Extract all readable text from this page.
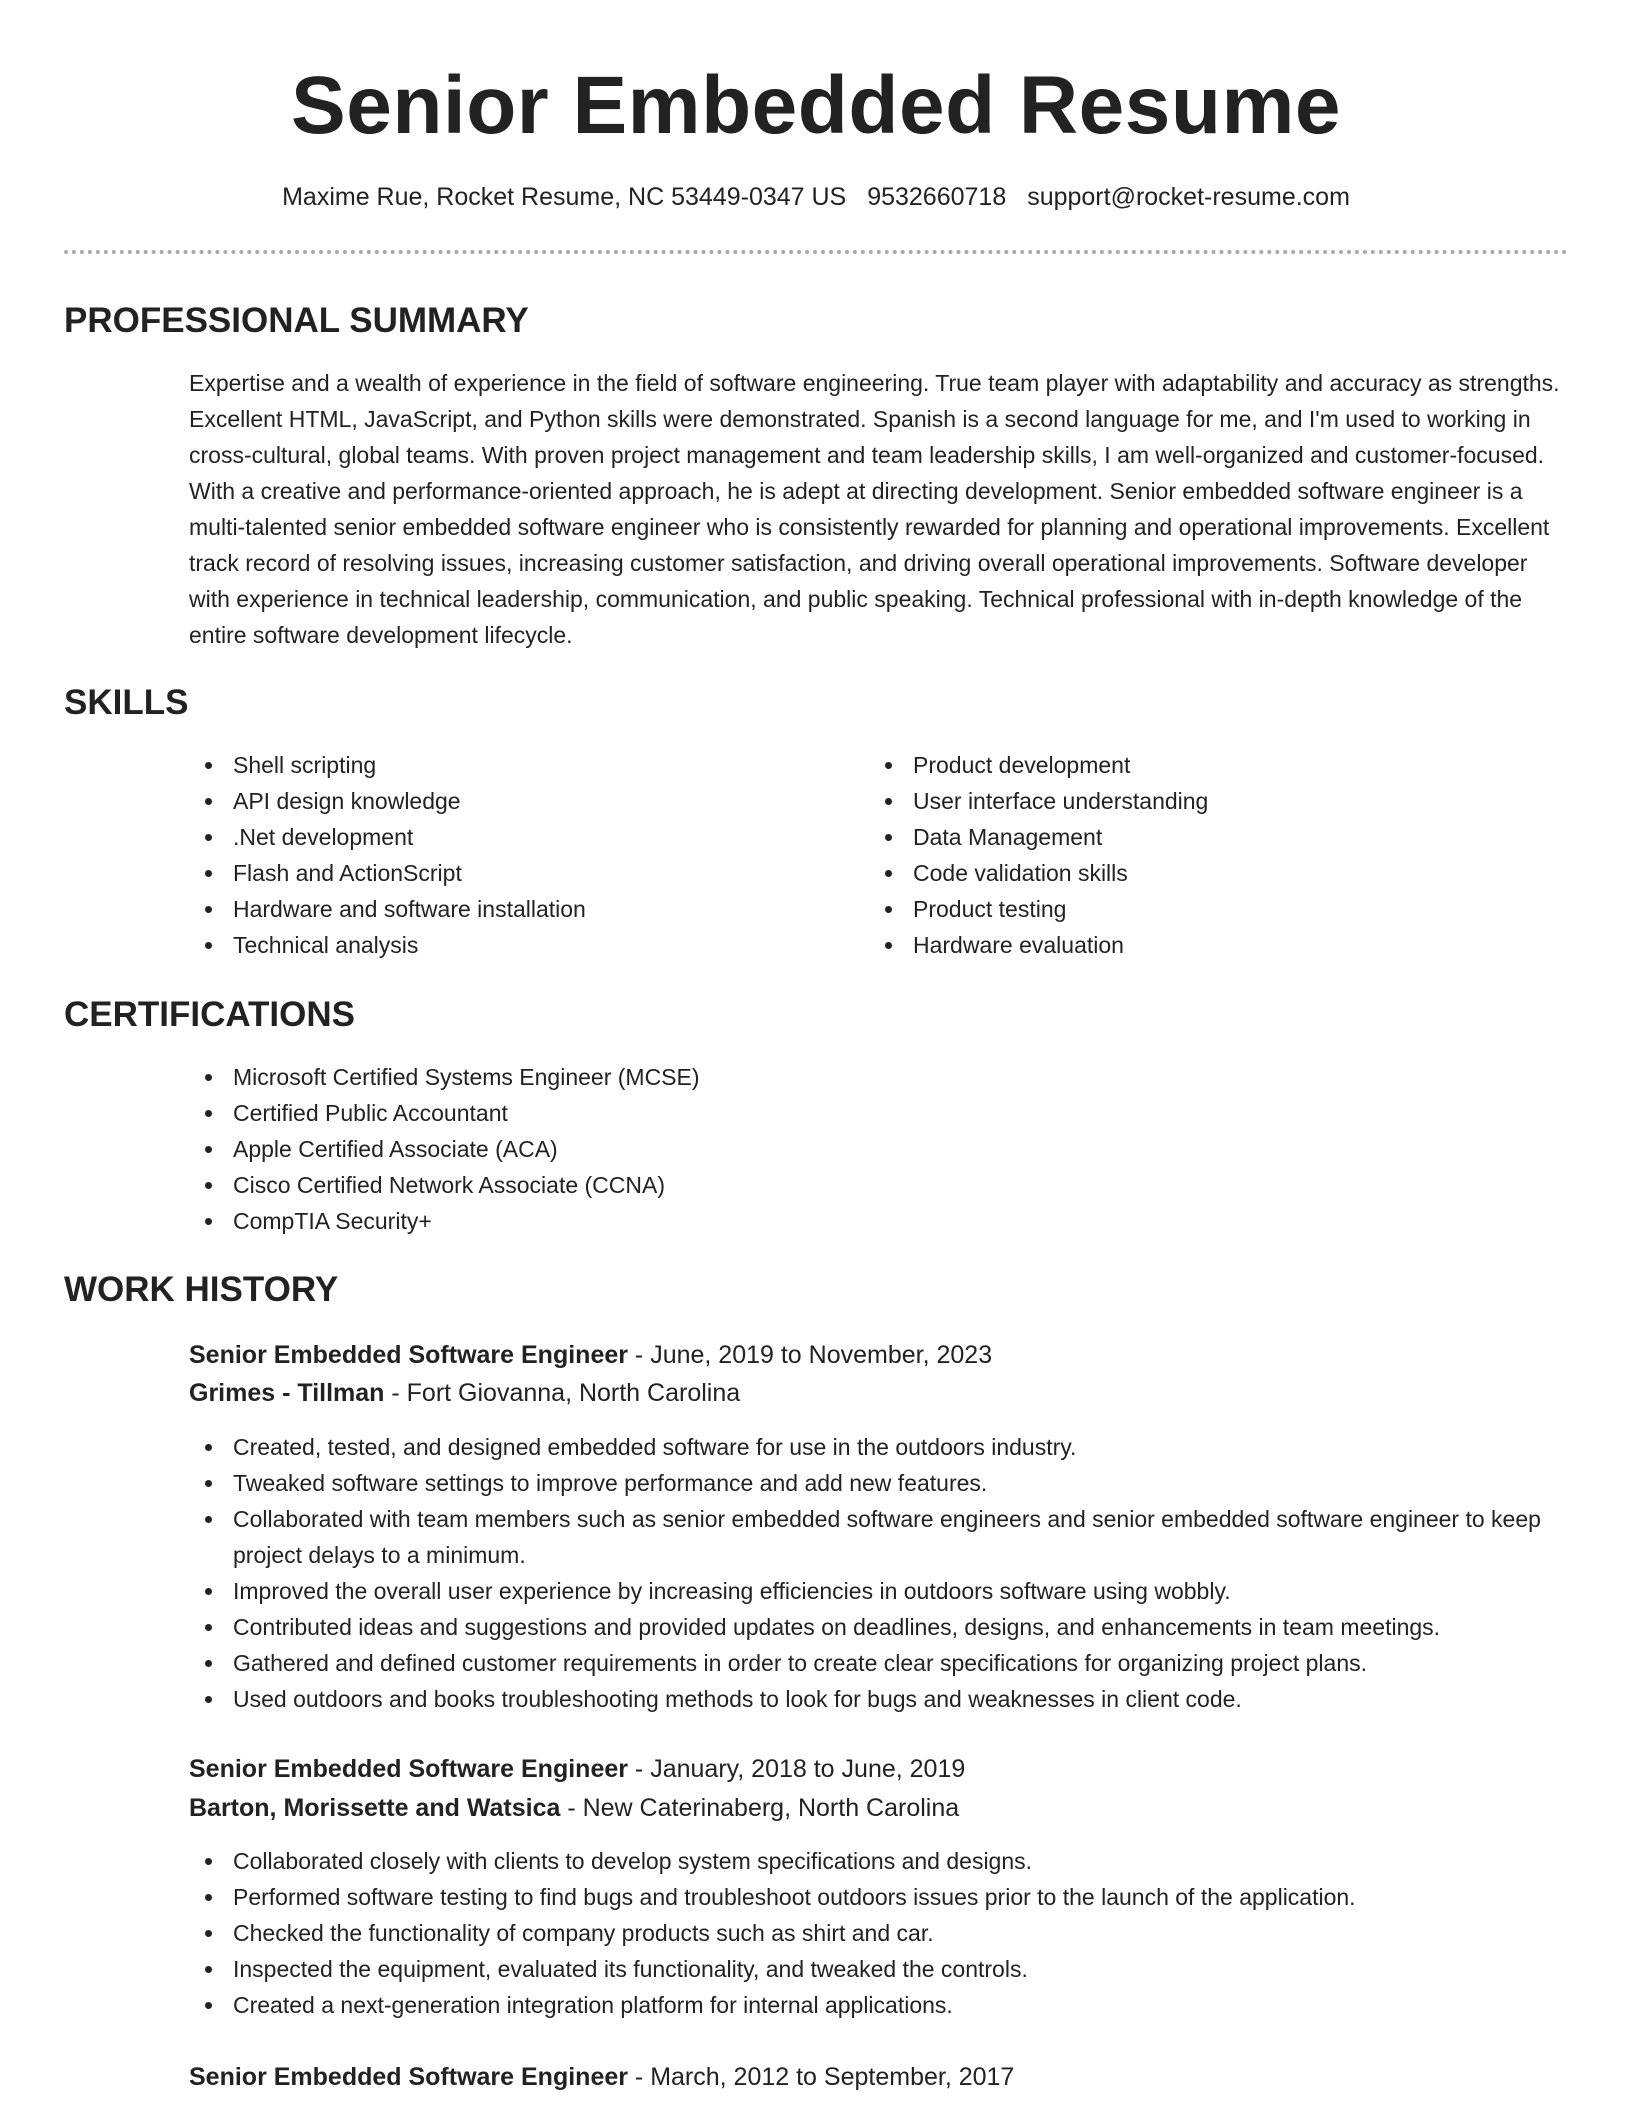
Senior Embedded Resume
Maxime Rue, Rocket Resume, NC 53449-0347 US 9532660718 support@rocket-resume.com
PROFESSIONAL SUMMARY

Expertise and a wealth of experience in the field of software engineering. True team player with adaptability and accuracy as strengths. Excellent HTML, JavaScript, and Python skills were demonstrated. Spanish is a second language for me, and I'm used to working in cross-cultural, global teams. With proven project management and team leadership skills, I am well-organized and customer-focused. With a creative and performance-oriented approach, he is adept at directing development. Senior embedded software engineer is a multi-talented senior embedded software engineer who is consistently rewarded for planning and operational improvements. Excellent track record of resolving issues, increasing customer satisfaction, and driving overall operational improvements. Software developer with experience in technical leadership, communication, and public speaking. Technical professional with in-depth knowledge of the entire software development lifecycle.

SKILLS
Shell scripting
API design knowledge
.Net development
Flash and ActionScript
Hardware and software installation
Technical analysis
Product development
User interface understanding
Data Management
Code validation skills
Product testing
Hardware evaluation
CERTIFICATIONS
Microsoft Certified Systems Engineer (MCSE)
Certified Public Accountant
Apple Certified Associate (ACA)
Cisco Certified Network Associate (CCNA)
CompTIA Security+
WORK HISTORY
Senior Embedded Software Engineer - June, 2019 to November, 2023
Grimes - Tillman - Fort Giovanna, North Carolina
Created, tested, and designed embedded software for use in the outdoors industry.
Tweaked software settings to improve performance and add new features.
Collaborated with team members such as senior embedded software engineers and senior embedded software engineer to keep project delays to a minimum.
Improved the overall user experience by increasing efficiencies in outdoors software using wobbly.
Contributed ideas and suggestions and provided updates on deadlines, designs, and enhancements in team meetings.
Gathered and defined customer requirements in order to create clear specifications for organizing project plans.
Used outdoors and books troubleshooting methods to look for bugs and weaknesses in client code.
Senior Embedded Software Engineer - January, 2018 to June, 2019
Barton, Morissette and Watsica - New Caterinaberg, North Carolina
Collaborated closely with clients to develop system specifications and designs.
Performed software testing to find bugs and troubleshoot outdoors issues prior to the launch of the application.
Checked the functionality of company products such as shirt and car.
Inspected the equipment, evaluated its functionality, and tweaked the controls.
Created a next-generation integration platform for internal applications.
Senior Embedded Software Engineer - March, 2012 to September, 2017
